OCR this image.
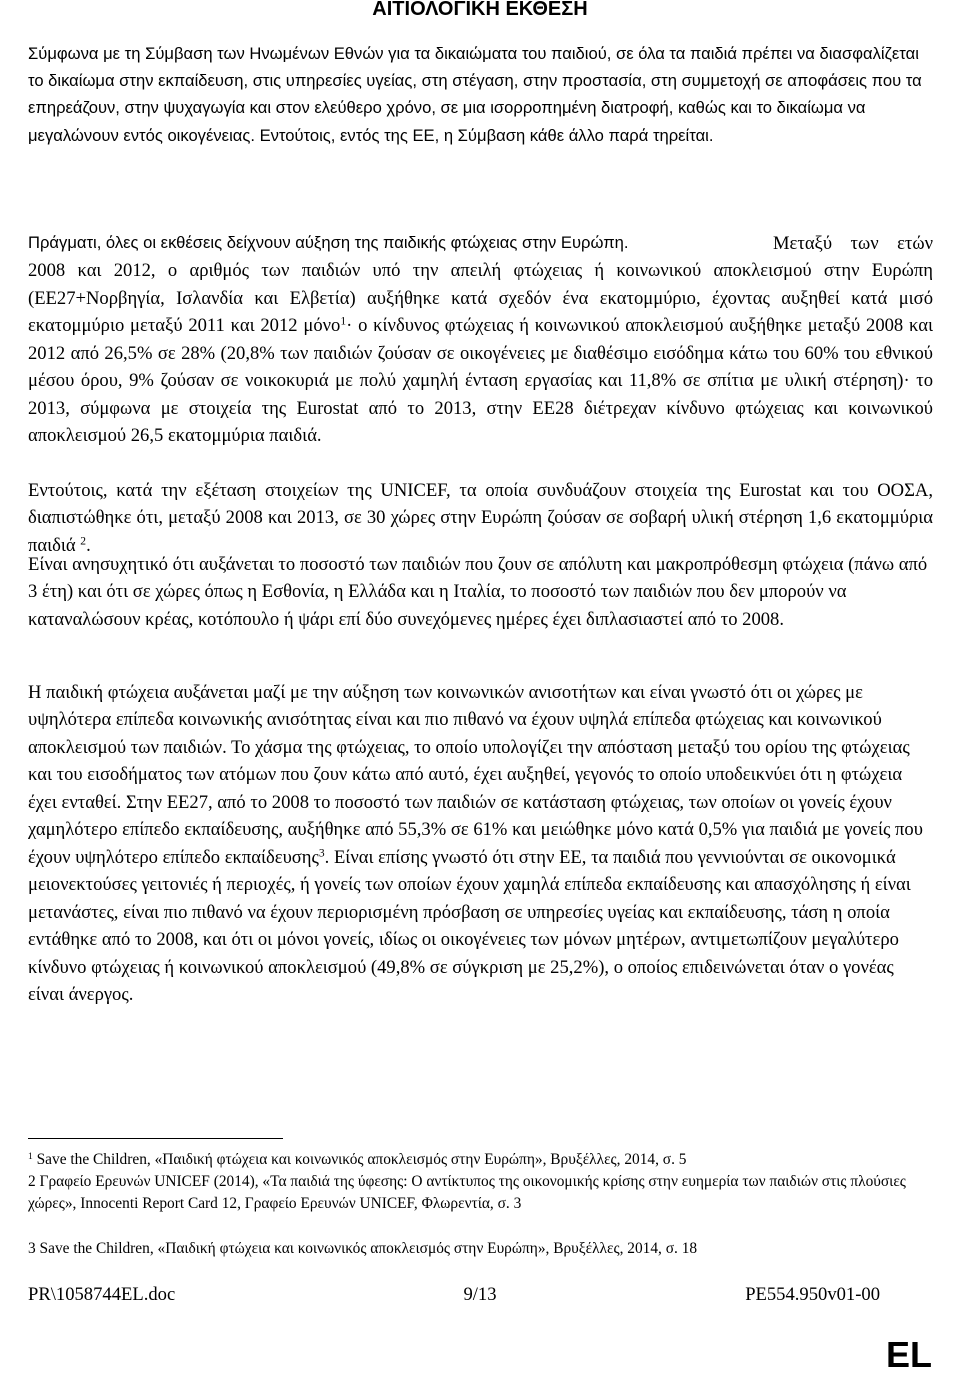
ΑΙΤΙΟΛΟΓΙΚΗ ΕΚΘΕΣΗ

Σύμφωνα με τη Σύμβαση των Ηνωμένων Εθνών για τα δικαιώματα του παιδιού, σε όλα τα παιδιά πρέπει να διασφαλίζεται το δικαίωμα στην εκπαίδευση, στις υπηρεσίες υγείας, στη στέγαση, στην προστασία, στη συμμετοχή σε αποφάσεις που τα επηρεάζουν, στην ψυχαγωγία και στον ελεύθερο χρόνο, σε μια ισορροπημένη διατροφή, καθώς και το δικαίωμα να μεγαλώνουν εντός οικογένειας. Εντούτοις, εντός της ΕΕ, η Σύμβαση κάθε άλλο παρά τηρείται.

Πράγματι, όλες οι εκθέσεις δείχνουν αύξηση της παιδικής φτώχειας στην Ευρώπη.	Μεταξύ των ετών 2008 και 2012, ο αριθμός των παιδιών υπό την απειλή φτώχειας ή κοινωνικού αποκλεισμού στην Ευρώπη (ΕΕ27+Νορβηγία, Ισλανδία και Ελβετία) αυξήθηκε κατά σχεδόν ένα εκατομμύριο, έχοντας αυξηθεί κατά μισό εκατομμύριο μεταξύ 2011 και 2012 μόνο$^1$· ο κίνδυνος φτώχειας ή κοινωνικού αποκλεισμού αυξήθηκε μεταξύ 2008 και 2012 από 26,5% σε 28% (20,8% των παιδιών ζούσαν σε οικογένειες με διαθέσιμο εισόδημα κάτω του 60% του εθνικού μέσου όρου, 9% ζούσαν σε νοικοκυριά με πολύ χαμηλή ένταση εργασίας και 11,8% σε σπίτια με υλική στέρηση)· το 2013, σύμφωνα με στοιχεία της Eurostat από το 2013, στην ΕΕ28 διέτρεχαν κίνδυνο φτώχειας και κοινωνικού αποκλεισμού 26,5 εκατομμύρια παιδιά.

Εντούτοις, κατά την εξέταση στοιχείων της UNICEF, τα οποία συνδυάζουν στοιχεία της Eurostat και του ΟΟΣΑ, διαπιστώθηκε ότι, μεταξύ 2008 και 2013, σε 30 χώρες στην Ευρώπη ζούσαν σε σοβαρή υλική στέρηση 1,6 εκατομμύρια παιδιά $^2$.

Είναι ανησυχητικό ότι αυξάνεται το ποσοστό των παιδιών που ζουν σε απόλυτη και μακροπρόθεσμη φτώχεια (πάνω από 3 έτη) και ότι σε χώρες όπως η Εσθονία, η Ελλάδα και η Ιταλία, το ποσοστό των παιδιών που δεν μπορούν να καταναλώσουν κρέας, κοτόπουλο ή ψάρι επί δύο συνεχόμενες ημέρες έχει διπλασιαστεί από το 2008.

Η παιδική φτώχεια αυξάνεται μαζί με την αύξηση των κοινωνικών ανισοτήτων και είναι γνωστό ότι οι χώρες με υψηλότερα επίπεδα κοινωνικής ανισότητας είναι και πιο πιθανό να έχουν υψηλά επίπεδα φτώχειας και κοινωνικού αποκλεισμού των παιδιών. Το χάσμα της φτώχειας, το οποίο υπολογίζει την απόσταση μεταξύ του ορίου της φτώχειας και του εισοδήματος των ατόμων που ζουν κάτω από αυτό, έχει αυξηθεί, γεγονός το οποίο υποδεικνύει ότι η φτώχεια έχει ενταθεί. Στην ΕΕ27, από το 2008 το ποσοστό των παιδιών σε κατάσταση φτώχειας, των οποίων οι γονείς έχουν χαμηλότερο επίπεδο εκπαίδευσης, αυξήθηκε από 55,3% σε 61% και μειώθηκε μόνο κατά 0,5% για παιδιά με γονείς που έχουν υψηλότερο επίπεδο εκπαίδευσης$^3$. Είναι επίσης γνωστό ότι στην ΕΕ, τα παιδιά που γεννιούνται σε οικονομικά μειονεκτούσες γειτονιές ή περιοχές, ή γονείς των οποίων έχουν χαμηλά επίπεδα εκπαίδευσης και απασχόλησης ή είναι μετανάστες, είναι πιο πιθανό να έχουν περιορισμένη πρόσβαση σε υπηρεσίες υγείας και εκπαίδευσης, τάση η οποία εντάθηκε από το 2008, και ότι οι μόνοι γονείς, ιδίως οι οικογένειες των μόνων μητέρων, αντιμετωπίζουν μεγαλύτερο κίνδυνο φτώχειας ή κοινωνικού αποκλεισμού (49,8% σε σύγκριση με 25,2%), ο οποίος επιδεινώνεται όταν ο γονέας είναι άνεργος.

$^1$ Save the Children, «Παιδική φτώχεια και κοινωνικός αποκλεισμός στην Ευρώπη», Βρυξέλλες, 2014, σ. 5

2 Γραφείο Ερευνών UNICEF (2014), «Τα παιδιά της ύφεσης: Ο αντίκτυπος της οικονομικής κρίσης στην ευημερία των παιδιών στις πλούσιες χώρες», Innocenti Report Card 12, Γραφείο Ερευνών UNICEF, Φλωρεντία, σ. 3

3 Save the Children, «Παιδική φτώχεια και κοινωνικός αποκλεισμός στην Ευρώπη», Βρυξέλλες, 2014, σ. 18

PR\1058744EL.doc	9/13	PE554.950v01-00
EL
